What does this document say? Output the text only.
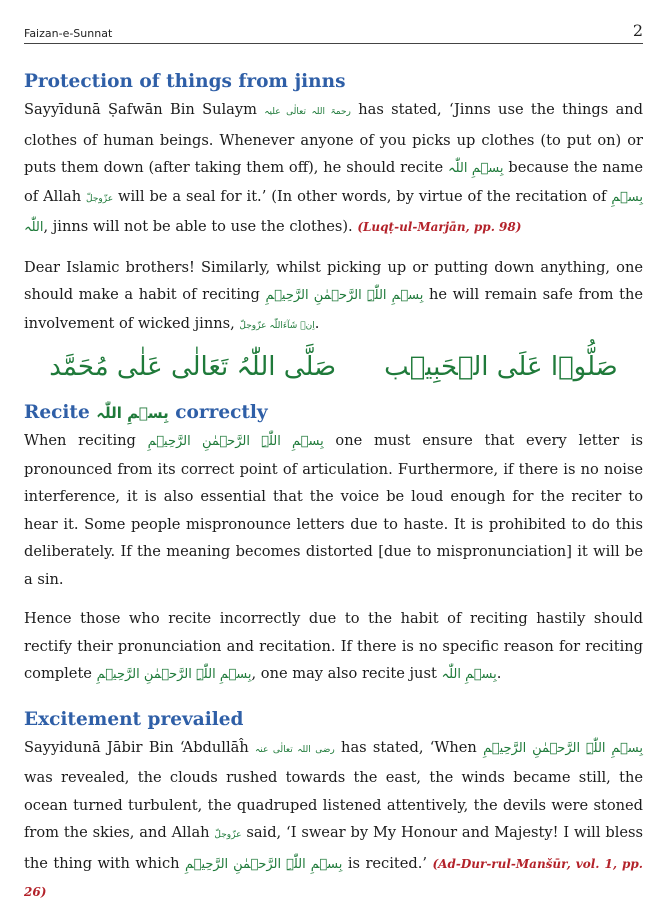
Faizan-e-Sunnat	2
Protection of things from jinns

Sayyīdunā Ṣafwān Bin Sulaym رحمۃ اللہ تعالٰی علیہ has stated, ‘Jinns use the things and clothes of human beings. Whenever anyone of you picks up clothes (to put on) or puts them down (after taking them off), he should recite بِسۡمِ اللّٰہ because the name of Allah عزّوجلّ will be a seal for it.’ (In other words, by virtue of the recitation of بِسۡمِ اللّٰہ, jinns will not be able to use the clothes). (Luqṭ-ul-Marjān, pp. 98)

Dear Islamic brothers! Similarly, whilst picking up or putting down anything, one should make a habit of reciting بِسۡمِ اللّٰہِ الرَّحۡمٰنِ الرَّحِیۡمِ he will remain safe from the involvement of wicked jinns, اِنۡ شَآءَاللّٰہ عزّوجلّ.

صَلُّوۡا عَلَی الۡحَبِیۡب
صَلَّی اللّٰہُ تَعَالٰی عَلٰی مُحَمَّد
Recite بِسۡمِ اللّٰہ correctly

When reciting بِسۡمِ اللّٰہِ الرَّحۡمٰنِ الرَّحِیۡمِ one must ensure that every letter is pronounced from its correct point of articulation. Furthermore, if there is no noise interference, it is also essential that the voice be loud enough for the reciter to hear it. Some people mispronounce letters due to haste. It is prohibited to do this deliberately. If the meaning becomes distorted [due to mispronunciation] it will be a sin.

Hence those who recite incorrectly due to the habit of reciting hastily should rectify their pronunciation and recitation. If there is no specific reason for reciting complete بِسۡمِ اللّٰہِ الرَّحۡمٰنِ الرَّحِیۡمِ, one may also recite just بِسۡمِ اللّٰہ.

Excitement prevailed

Sayyidunā Jābir Bin ‘Abdullāĥ رضی اللہ تعالٰی عنہ has stated, ‘When بِسۡمِ اللّٰہِ الرَّحۡمٰنِ الرَّحِیۡمِ was revealed, the clouds rushed towards the east, the winds became still, the ocean turned turbulent, the quadruped listened attentively, the devils were stoned from the skies, and Allah عزّوجلّ said, ‘I swear by My Honour and Majesty! I will bless the thing with which بِسۡمِ اللّٰہِ الرَّحۡمٰنِ الرَّحِیۡمِ is recited.’ (Ad-Dur-rul-Manšūr, vol. 1, pp. 26)
